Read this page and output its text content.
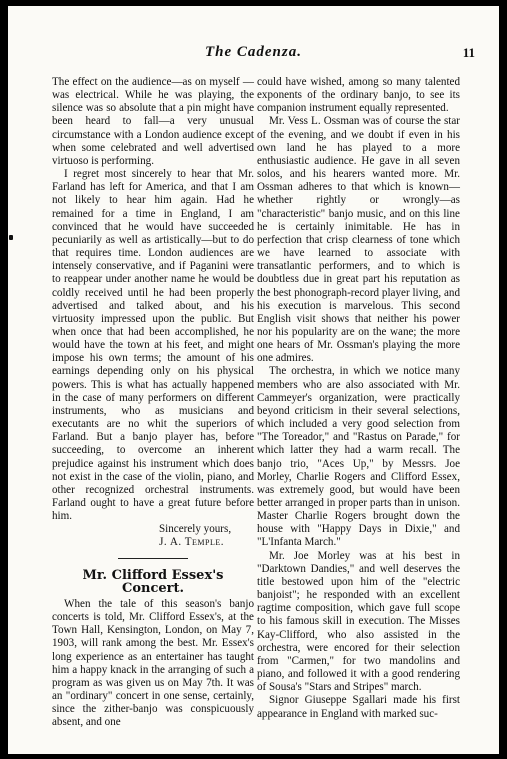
The Cadenza.	11

The effect on the audience—as on myself —was electrical. While he was playing, the silence was so absolute that a pin might have been heard to fall—a very unusual circumstance with a London audience except when some celebrated and well advertised virtuoso is performing.

I regret most sincerely to hear that Mr. Farland has left for America, and that I am not likely to hear him again. Had he remained for a time in England, I am convinced that he would have succeeded pecuniarily as well as artistically—but to do that requires time. London audiences are intensely conservative, and if Paganini were to reappear under another name he would be coldly received until he had been properly advertised and talked about, and his virtuosity impressed upon the public. But when once that had been accomplished, he would have the town at his feet, and might impose his own terms; the amount of his earnings depending only on his physical powers. This is what has actually happened in the case of many performers on different instruments, who as musicians and executants are no whit the superiors of Farland. But a banjo player has, before succeeding, to overcome an inherent prejudice against his instrument which does not exist in the case of the violin, piano, and other recognized orchestral instruments. Farland ought to have a great future before him.

Sincerely yours,

J. A. Temple.
Mr. Clifford Essex's Concert.

When the tale of this season's banjo concerts is told, Mr. Clifford Essex's, at the Town Hall, Kensington, London, on May 7, 1903, will rank among the best. Mr. Essex's long experience as an entertainer has taught him a happy knack in the arranging of such a program as was given us on May 7th. It was an "ordinary" concert in one sense, certainly, since the zither-banjo was conspicuously absent, and one

could have wished, among so many talented exponents of the ordinary banjo, to see its companion instrument equally represented.

Mr. Vess L. Ossman was of course the star of the evening, and we doubt if even in his own land he has played to a more enthusiastic audience. He gave in all seven solos, and his hearers wanted more. Mr. Ossman adheres to that which is known—whether rightly or wrongly—as "characteristic" banjo music, and on this line he is certainly inimitable. He has in perfection that crisp clearness of tone which we have learned to associate with transatlantic performers, and to which is doubtless due in great part his reputation as the best phonograph-record player living, and his execution is marvelous. This second English visit shows that neither his power nor his popularity are on the wane; the more one hears of Mr. Ossman's playing the more one admires.

The orchestra, in which we notice many members who are also associated with Mr. Cammeyer's organization, were practically beyond criticism in their several selections, which included a very good selection from "The Toreador," and "Rastus on Parade," for which latter they had a warm recall. The banjo trio, "Aces Up," by Messrs. Joe Morley, Charlie Rogers and Clifford Essex, was extremely good, but would have been better arranged in proper parts than in unison. Master Charlie Rogers brought down the house with "Happy Days in Dixie," and "L'Infanta March."

Mr. Joe Morley was at his best in "Darktown Dandies," and well deserves the title bestowed upon him of the "electric banjoist"; he responded with an excellent ragtime composition, which gave full scope to his famous skill in execution. The Misses Kay-Clifford, who also assisted in the orchestra, were encored for their selection from "Carmen," for two mandolins and piano, and followed it with a good rendering of Sousa's "Stars and Stripes" march.

Signor Giuseppe Sgallari made his first appearance in England with marked suc-
